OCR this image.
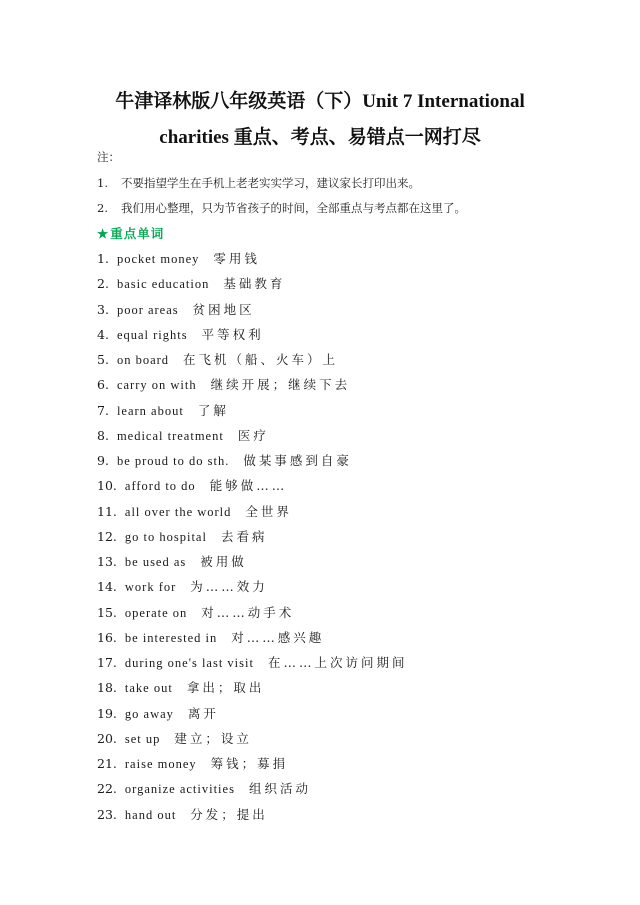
牛津译林版八年级英语（下）Unit 7 International
charities 重点、考点、易错点一网打尽
注：
1. 不要指望学生在手机上老老实实学习，建议家长打印出来。
2. 我们用心整理，只为节省孩子的时间，全部重点与考点都在这里了。
★重点单词
1. pocket money 零用钱
2. basic education 基础教育
3. poor areas 贫困地区
4. equal rights 平等权利
5. on board 在飞机（船、火车）上
6. carry on with 继续开展；继续下去
7. learn about 了解
8. medical treatment 医疗
9. be proud to do sth. 做某事感到自豪
10. afford to do 能够做……
11. all over the world 全世界
12. go to hospital 去看病
13. be used as 被用做
14. work for 为……效力
15. operate on 对……动手术
16. be interested in 对……感兴趣
17. during one's last visit 在……上次访问期间
18. take out 拿出；取出
19. go away 离开
20. set up 建立；设立
21. raise money 筹钱；募捐
22. organize activities 组织活动
23. hand out 分发；提出
